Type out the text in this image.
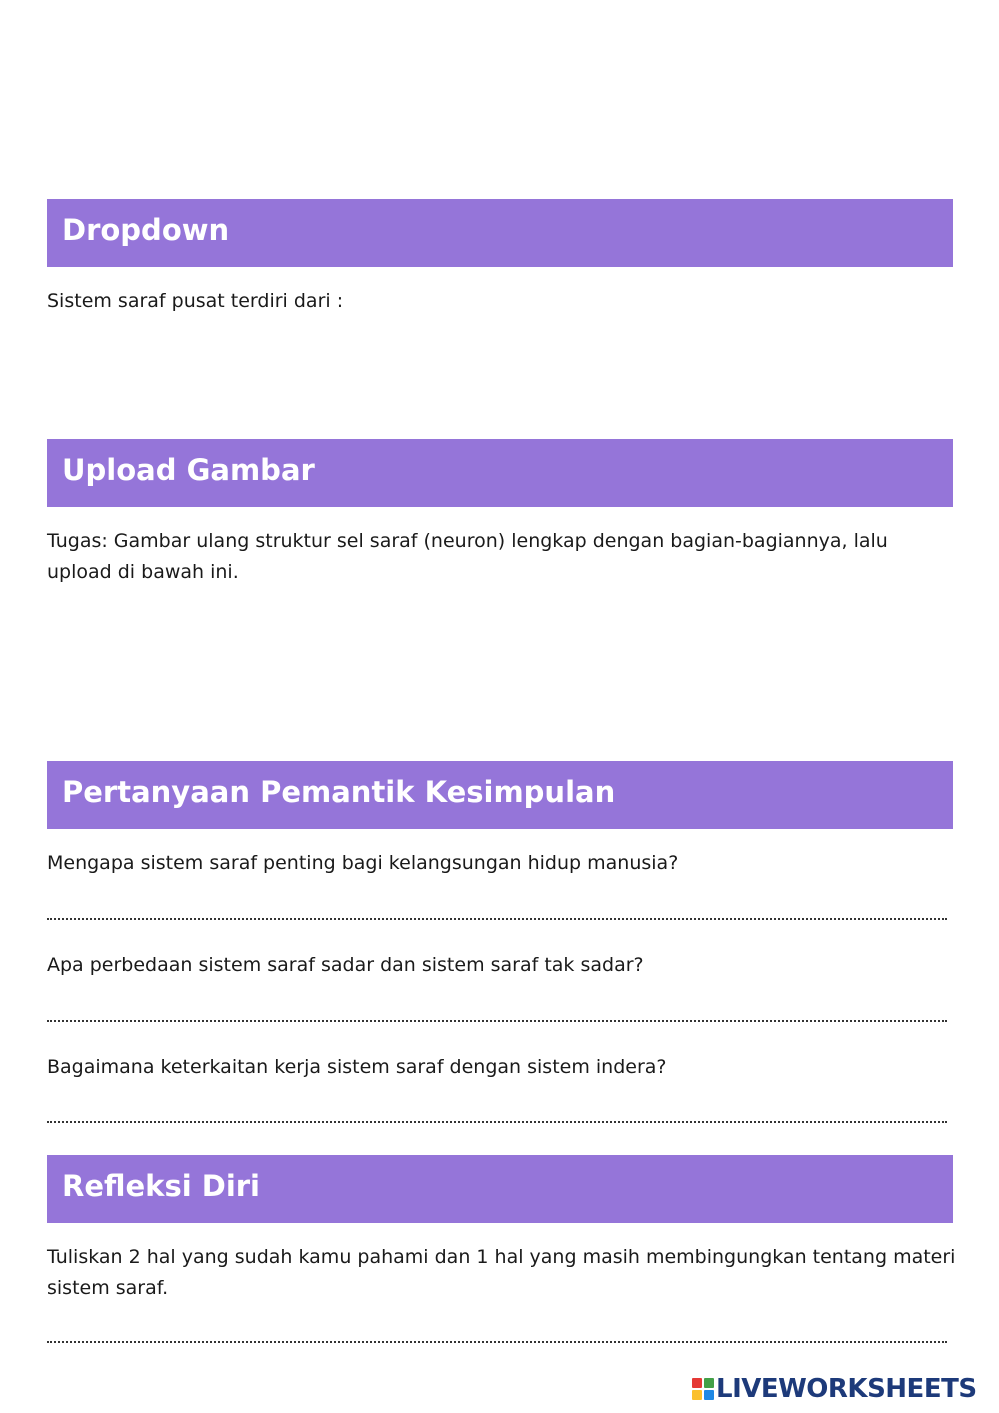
Dropdown
Sistem saraf pusat terdiri dari :
Upload Gambar
Tugas: Gambar ulang struktur sel saraf (neuron) lengkap dengan bagian-bagiannya, lalu upload di bawah ini.
Pertanyaan Pemantik Kesimpulan
Mengapa sistem saraf penting bagi kelangsungan hidup manusia?
Apa perbedaan sistem saraf sadar dan sistem saraf tak sadar?
Bagaimana keterkaitan kerja sistem saraf dengan sistem indera?
Refleksi Diri
Tuliskan 2 hal yang sudah kamu pahami dan 1 hal yang masih membingungkan tentang materi sistem saraf.
LIVEWORKSHEETS
